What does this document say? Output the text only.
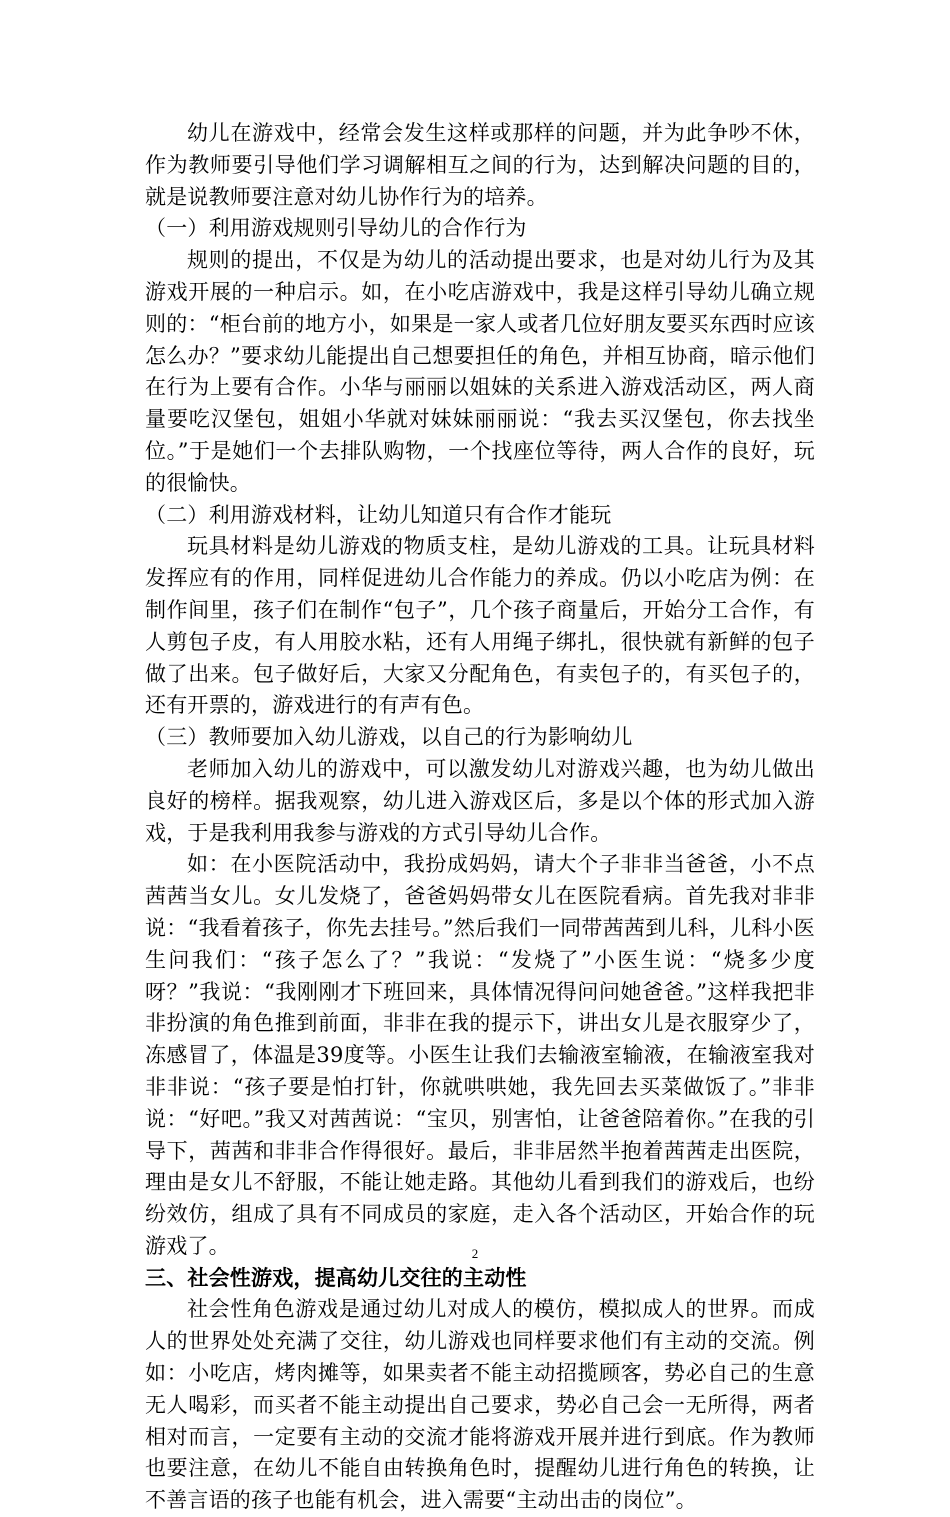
幼儿在游戏中，经常会发生这样或那样的问题，并为此争吵不休，作为教师要引导他们学习调解相互之间的行为，达到解决问题的目的，就是说教师要注意对幼儿协作行为的培养。

（一）利用游戏规则引导幼儿的合作行为

规则的提出，不仅是为幼儿的活动提出要求，也是对幼儿行为及其游戏开展的一种启示。如，在小吃店游戏中，我是这样引导幼儿确立规则的：“柜台前的地方小，如果是一家人或者几位好朋友要买东西时应该怎么办？”要求幼儿能提出自己想要担任的角色，并相互协商，暗示他们在行为上要有合作。小华与丽丽以姐妹的关系进入游戏活动区，两人商量要吃汉堡包，姐姐小华就对妹妹丽丽说：“我去买汉堡包，你去找坐位。”于是她们一个去排队购物，一个找座位等待，两人合作的良好，玩的很愉快。

（二）利用游戏材料，让幼儿知道只有合作才能玩

玩具材料是幼儿游戏的物质支柱，是幼儿游戏的工具。让玩具材料发挥应有的作用，同样促进幼儿合作能力的养成。仍以小吃店为例：在制作间里，孩子们在制作“包子”，几个孩子商量后，开始分工合作，有人剪包子皮，有人用胶水粘，还有人用绳子绑扎，很快就有新鲜的包子做了出来。包子做好后，大家又分配角色，有卖包子的，有买包子的，还有开票的，游戏进行的有声有色。

（三）教师要加入幼儿游戏，以自己的行为影响幼儿

老师加入幼儿的游戏中，可以激发幼儿对游戏兴趣，也为幼儿做出良好的榜样。据我观察，幼儿进入游戏区后，多是以个体的形式加入游戏，于是我利用我参与游戏的方式引导幼儿合作。

如：在小医院活动中，我扮成妈妈，请大个子非非当爸爸，小不点茜茜当女儿。女儿发烧了，爸爸妈妈带女儿在医院看病。首先我对非非说：“我看着孩子，你先去挂号。”然后我们一同带茜茜到儿科，儿科小医生问我们：“孩子怎么了？”我说：“发烧了”小医生说：“烧多少度呀？”我说：“我刚刚才下班回来，具体情况得问问她爸爸。”这样我把非非扮演的角色推到前面，非非在我的提示下，讲出女儿是衣服穿少了，冻感冒了，体温是39度等。小医生让我们去输液室输液，在输液室我对非非说：“孩子要是怕打针，你就哄哄她，我先回去买菜做饭了。”非非说：“好吧。”我又对茜茜说：“宝贝，别害怕，让爸爸陪着你。”在我的引导下，茜茜和非非合作得很好。最后，非非居然半抱着茜茜走出医院，理由是女儿不舒服，不能让她走路。其他幼儿看到我们的游戏后，也纷纷效仿，组成了具有不同成员的家庭，走入各个活动区，开始合作的玩游戏了。

三、社会性游戏，提高幼儿交往的主动性

社会性角色游戏是通过幼儿对成人的模仿，模拟成人的世界。而成人的世界处处充满了交往，幼儿游戏也同样要求他们有主动的交流。例如：小吃店，烤肉摊等，如果卖者不能主动招揽顾客，势必自己的生意无人喝彩，而买者不能主动提出自己要求，势必自己会一无所得，两者相对而言，一定要有主动的交流才能将游戏开展并进行到底。作为教师也要注意，在幼儿不能自由转换角色时，提醒幼儿进行角色的转换，让不善言语的孩子也能有机会，进入需要“主动出击的岗位”。

2
